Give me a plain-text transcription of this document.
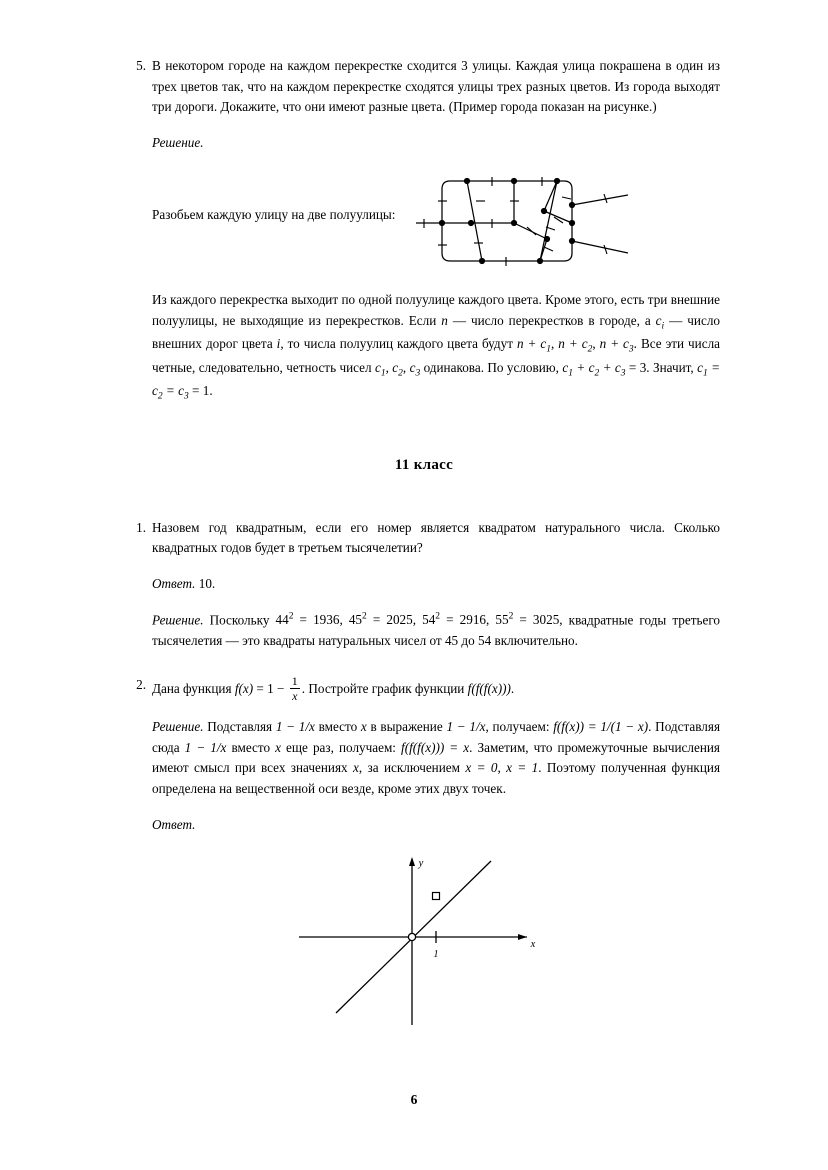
5. В некотором городе на каждом перекрестке сходится 3 улицы. Каждая улица покрашена в один из трех цветов так, что на каждом перекрестке сходятся улицы трех разных цветов. Из города выходят три дороги. Докажите, что они имеют разные цвета. (Пример города показан на рисунке.)

Решение.

Разобьем каждую улицу на две полуулицы:

Из каждого перекрестка выходит по одной полуулице каждого цвета. Кроме этого, есть три внешние полуулицы, не выходящие из перекрестков. Если n — число перекрестков в городе, а $c_i$ — число внешних дорог цвета i, то числа полуулиц каждого цвета будут $n + c_1$, $n + c_2$, $n + c_3$. Все эти числа четные, следовательно, четность чисел $c_1$, $c_2$, $c_3$ одинакова. По условию, $c_1 + c_2 + c_3 = 3$. Значит, $c_1 = c_2 = c_3 = 1$.

11 класс
1. Назовем год квадратным, если его номер является квадратом натурального числа. Сколько квадратных годов будет в третьем тысячелетии?

Ответ. 10.

Решение. Поскольку $44^2 = 1936$, $45^2 = 2025$, $54^2 = 2916$, $55^2 = 3025$, квадратные годы третьего тысячелетия — это квадраты натуральных чисел от 45 до 54 включительно.

2. Дана функция $f(x) = 1 - \frac{1}{x}$ . Постройте график функции f(f(f(x))).

Решение. Подставляя 1 − 1/x вместо x в выражение 1 − 1/x, получаем: f(f(x)) = 1/(1 − x). Подставляя сюда 1 − 1/x вместо x еще раз, получаем: f(f(f(x))) = x. Заметим, что промежуточные вычисления имеют смысл при всех значениях x, за исключением x = 0, x = 1. Поэтому полученная функция определена на вещественной оси везде, кроме этих двух точек.

Ответ.

1
x
y
6
